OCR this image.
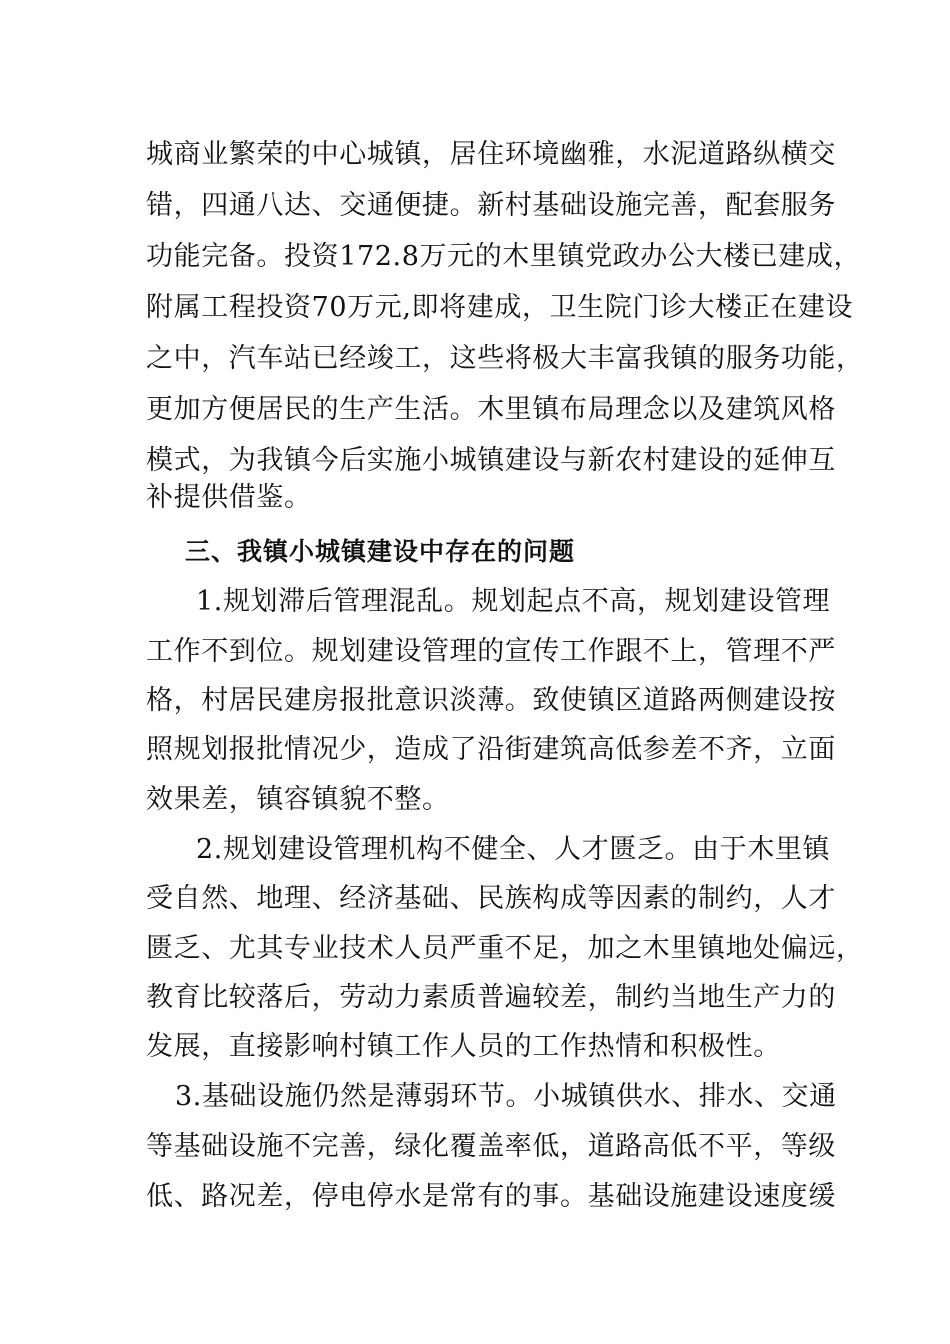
城商业繁荣的中心城镇，居住环境幽雅，水泥道路纵横交
错，四通八达、交通便捷。新村基础设施完善，配套服务
功能完备。投资172.8万元的木里镇党政办公大楼已建成，
附属工程投资70万元,即将建成，卫生院门诊大楼正在建设
之中，汽车站已经竣工，这些将极大丰富我镇的服务功能，
更加方便居民的生产生活。木里镇布局理念以及建筑风格
模式，为我镇今后实施小城镇建设与新农村建设的延伸互
补提供借鉴。
三、我镇小城镇建设中存在的问题
1.规划滞后管理混乱。规划起点不高，规划建设管理
工作不到位。规划建设管理的宣传工作跟不上，管理不严
格，村居民建房报批意识淡薄。致使镇区道路两侧建设按
照规划报批情况少，造成了沿街建筑高低参差不齐，立面
效果差，镇容镇貌不整。
2.规划建设管理机构不健全、人才匮乏。由于木里镇
受自然、地理、经济基础、民族构成等因素的制约，人才
匮乏、尤其专业技术人员严重不足，加之木里镇地处偏远，
教育比较落后，劳动力素质普遍较差，制约当地生产力的
发展，直接影响村镇工作人员的工作热情和积极性。
3.基础设施仍然是薄弱环节。小城镇供水、排水、交通
等基础设施不完善，绿化覆盖率低，道路高低不平，等级
低、路况差，停电停水是常有的事。基础设施建设速度缓
